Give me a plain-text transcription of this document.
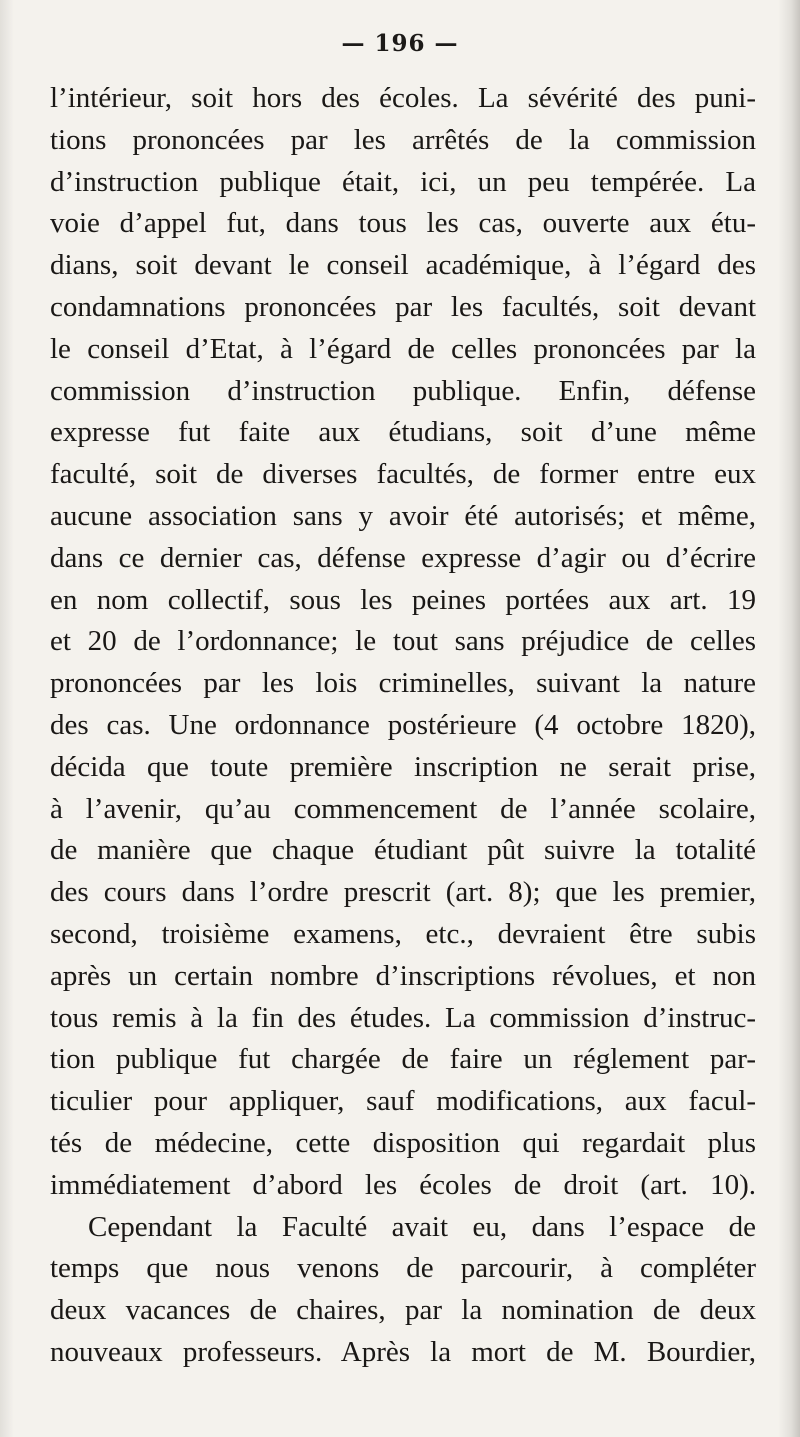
— 196 —
l’intérieur, soit hors des écoles. La sévérité des puni-
tions prononcées par les arrêtés de la commission
d’instruction publique était, ici, un peu tempérée. La
voie d’appel fut, dans tous les cas, ouverte aux étu-
dians, soit devant le conseil académique, à l’égard des
condamnations prononcées par les facultés, soit devant
le conseil d’Etat, à l’égard de celles prononcées par la
commission d’instruction publique. Enfin, défense
expresse fut faite aux étudians, soit d’une même
faculté, soit de diverses facultés, de former entre eux
aucune association sans y avoir été autorisés; et même,
dans ce dernier cas, défense expresse d’agir ou d’écrire
en nom collectif, sous les peines portées aux art. 19
et 20 de l’ordonnance; le tout sans préjudice de celles
prononcées par les lois criminelles, suivant la nature
des cas. Une ordonnance postérieure (4 octobre 1820),
décida que toute première inscription ne serait prise,
à l’avenir, qu’au commencement de l’année scolaire,
de manière que chaque étudiant pût suivre la totalité
des cours dans l’ordre prescrit (art. 8); que les premier,
second, troisième examens, etc., devraient être subis
après un certain nombre d’inscriptions révolues, et non
tous remis à la fin des études. La commission d’instruc-
tion publique fut chargée de faire un réglement par-
ticulier pour appliquer, sauf modifications, aux facul-
tés de médecine, cette disposition qui regardait plus
immédiatement d’abord les écoles de droit (art. 10).
Cependant la Faculté avait eu, dans l’espace de
temps que nous venons de parcourir, à compléter
deux vacances de chaires, par la nomination de deux
nouveaux professeurs. Après la mort de M. Bourdier,
